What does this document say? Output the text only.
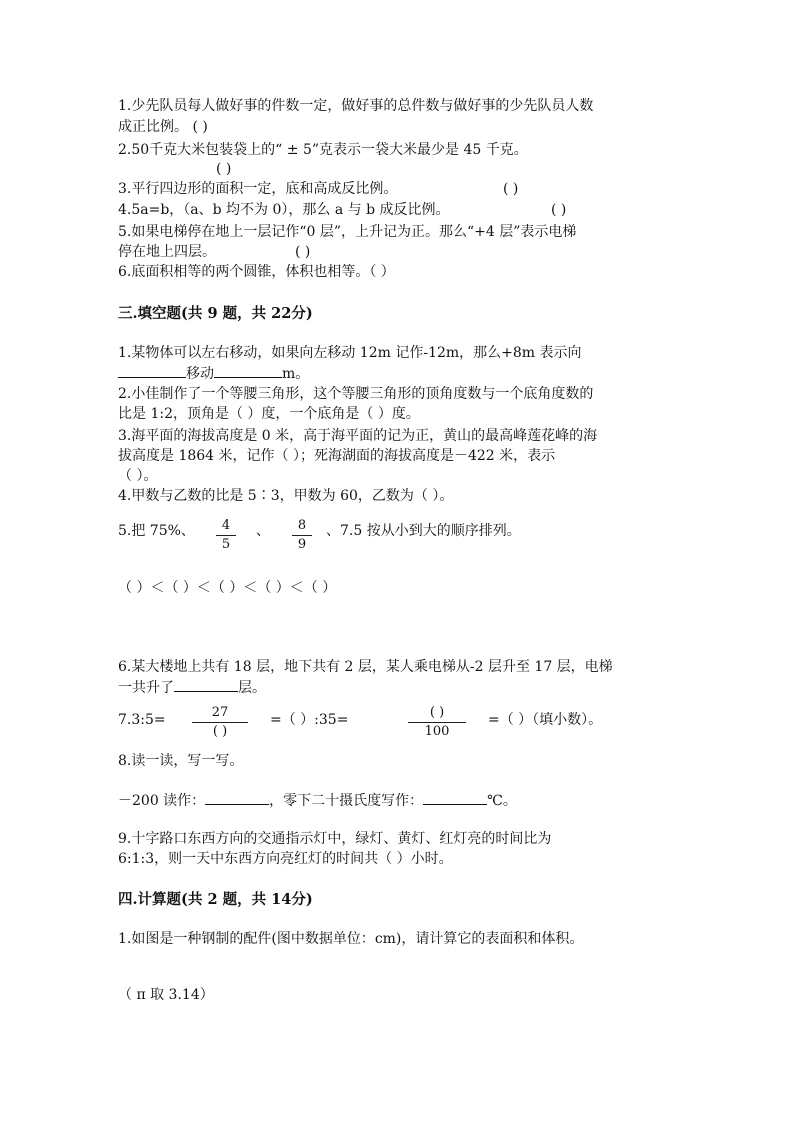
1.少先队员每人做好事的件数一定，做好事的总件数与做好事的少先队员人数
成正比例。 ( )
2.50千克大米包装袋上的“ ± 5”克表示一袋大米最少是 45 千克。
( )
3.平行四边形的面积一定，底和高成反比例。	( )
4.5a=b，（a、b 均不为 0），那么 a 与 b 成反比例。	( )
5.如果电梯停在地上一层记作“0 层”，上升记为正。那么“+4 层”表示电梯
停在地上四层。	( )
6.底面积相等的两个圆锥，体积也相等。（ ）
三.填空题(共 9 题，共 22分)
1.某物体可以左右移动，如果向左移动 12m 记作-12m，那么+8m 表示向
移动	m。
2.小佳制作了一个等腰三角形，这个等腰三角形的顶角度数与一个底角度数的
比是 1:2，顶角是（ ）度，一个底角是（ ）度。
3.海平面的海拔高度是 0 米，高于海平面的记为正，黄山的最高峰莲花峰的海
拔高度是 1864 米，记作（ ）；死海湖面的海拔高度是－422 米，表示
（ ）。
4.甲数与乙数的比是 5∶3，甲数为 60，乙数为（ ）。
5.把 75%、	4
5
、	8
9
、7.5 按从小到大的顺序排列。
（ ）＜（ ）＜（ ）＜（ ）＜（ ）
6.某大楼地上共有 18 层，地下共有 2 层，某人乘电梯从-2 层升至 17 层，电梯
一共升了	层。
7.3:5=	27
( )
=（ ）:35=	( )
100
=（ ）（填小数）。
8.读一读，写一写。
－200 读作：	，零下二十摄氏度写作：	℃。
9.十字路口东西方向的交通指示灯中，绿灯、黄灯、红灯亮的时间比为
6:1:3，则一天中东西方向亮红灯的时间共（ ）小时。
四.计算题(共 2 题，共 14分)
1.如图是一种钢制的配件(图中数据单位：cm)，请计算它的表面积和体积。
（ π 取 3.14）
